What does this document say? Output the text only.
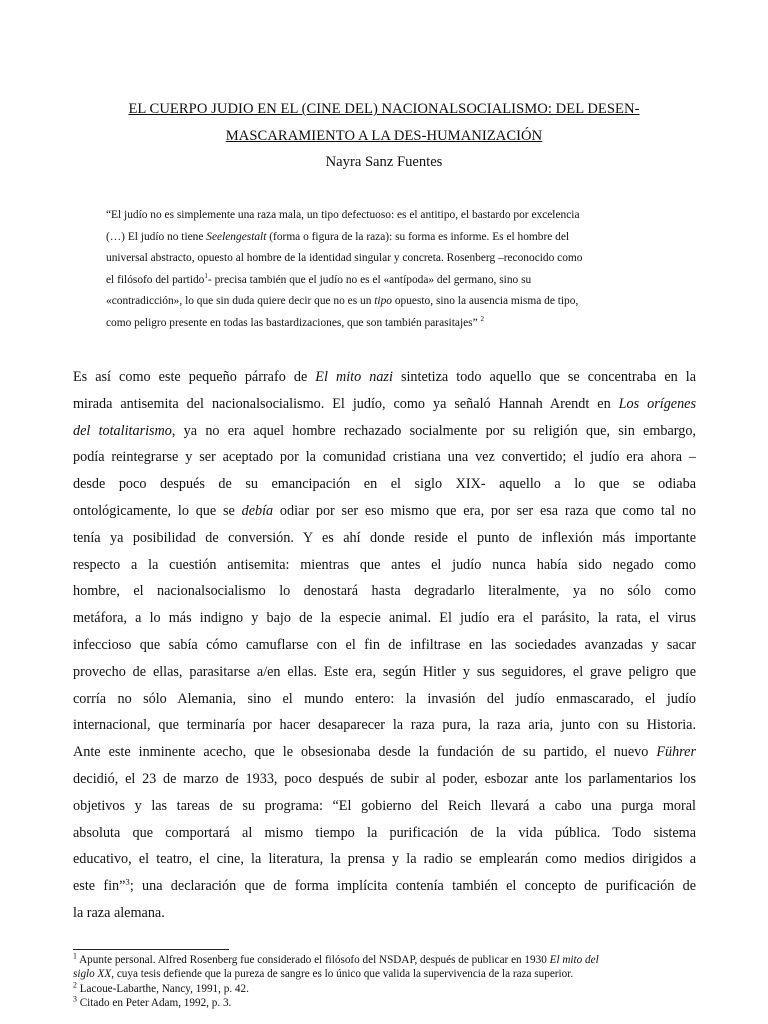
EL CUERPO JUDIO EN EL (CINE DEL) NACIONALSOCIALISMO: DEL DESEN-
MASCARAMIENTO A LA DES-HUMANIZACIÓN
Nayra Sanz Fuentes
“El judío no es simplemente una raza mala, un tipo defectuoso: es el antitipo, el bastardo por excelencia
(…) El judío no tiene Seelengestalt (forma o figura de la raza): su forma es informe. Es el hombre del
universal abstracto, opuesto al hombre de la identidad singular y concreta. Rosenberg –reconocido como
el filósofo del partido$^1$- precisa también que el judío no es el «antípoda» del germano, sino su
«contradicción», lo que sin duda quiere decir que no es un tipo opuesto, sino la ausencia misma de tipo,
como peligro presente en todas las bastardizaciones, que son también parasitajes” $^2$
Es así como este pequeño párrafo de El mito nazi sintetiza todo aquello que se concentraba en la
mirada antisemita del nacionalsocialismo. El judío, como ya señaló Hannah Arendt en Los orígenes
del totalitarismo, ya no era aquel hombre rechazado socialmente por su religión que, sin embargo,
podía reintegrarse y ser aceptado por la comunidad cristiana una vez convertido; el judío era ahora –
desde poco después de su emancipación en el siglo XIX- aquello a lo que se odiaba
ontológicamente, lo que se debía odiar por ser eso mismo que era, por ser esa raza que como tal no
tenía ya posibilidad de conversión. Y es ahí donde reside el punto de inflexión más importante
respecto a la cuestión antisemita: mientras que antes el judío nunca había sido negado como
hombre, el nacionalsocialismo lo denostará hasta degradarlo literalmente, ya no sólo como
metáfora, a lo más indigno y bajo de la especie animal. El judío era el parásito, la rata, el virus
infeccioso que sabía cómo camuflarse con el fin de infiltrase en las sociedades avanzadas y sacar
provecho de ellas, parasitarse a/en ellas. Este era, según Hitler y sus seguidores, el grave peligro que
corría no sólo Alemania, sino el mundo entero: la invasión del judío enmascarado, el judío
internacional, que terminaría por hacer desaparecer la raza pura, la raza aria, junto con su Historia.
Ante este inminente acecho, que le obsesionaba desde la fundación de su partido, el nuevo Führer
decidió, el 23 de marzo de 1933, poco después de subir al poder, esbozar ante los parlamentarios los
objetivos y las tareas de su programa: “El gobierno del Reich llevará a cabo una purga moral
absoluta que comportará al mismo tiempo la purificación de la vida pública. Todo sistema
educativo, el teatro, el cine, la literatura, la prensa y la radio se emplearán como medios dirigidos a
este fin”$^3$; una declaración que de forma implícita contenía también el concepto de purificación de
la raza alemana.
$^1$ Apunte personal. Alfred Rosenberg fue considerado el filósofo del NSDAP, después de publicar en 1930 El mito del
siglo XX, cuya tesis defiende que la pureza de sangre es lo único que valida la supervivencia de la raza superior.
$^2$ Lacoue-Labarthe, Nancy, 1991, p. 42.
$^3$ Citado en Peter Adam, 1992, p. 3.
